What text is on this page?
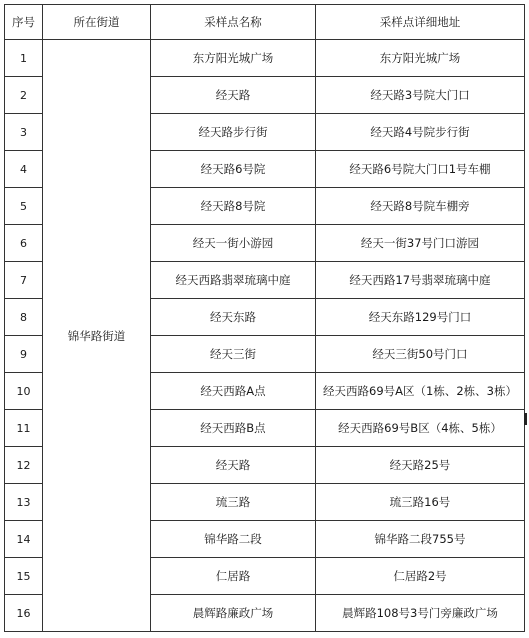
序号	所在街道	采样点名称	采样点详细地址
1	锦华路街道	东方阳光城广场	东方阳光城广场
2		经天路	经天路3号院大门口
3		经天路步行街	经天路4号院步行街
4		经天路6号院	经天路6号院大门口1号车棚
5		经天路8号院	经天路8号院车棚旁
6		经天一街小游园	经天一街37号门口游园
7		经天西路翡翠琉璃中庭	经天西路17号翡翠琉璃中庭
8		经天东路	经天东路129号门口
9		经天三街	经天三街50号门口
10		经天西路A点	经天西路69号A区（1栋、2栋、3栋）
11		经天西路B点	经天西路69号B区（4栋、5栋）
12		经天路	经天路25号
13		琉三路	琉三路16号
14		锦华路二段	锦华路二段755号
15		仁居路	仁居路2号
16		晨辉路廉政广场	晨辉路108号3号门旁廉政广场
